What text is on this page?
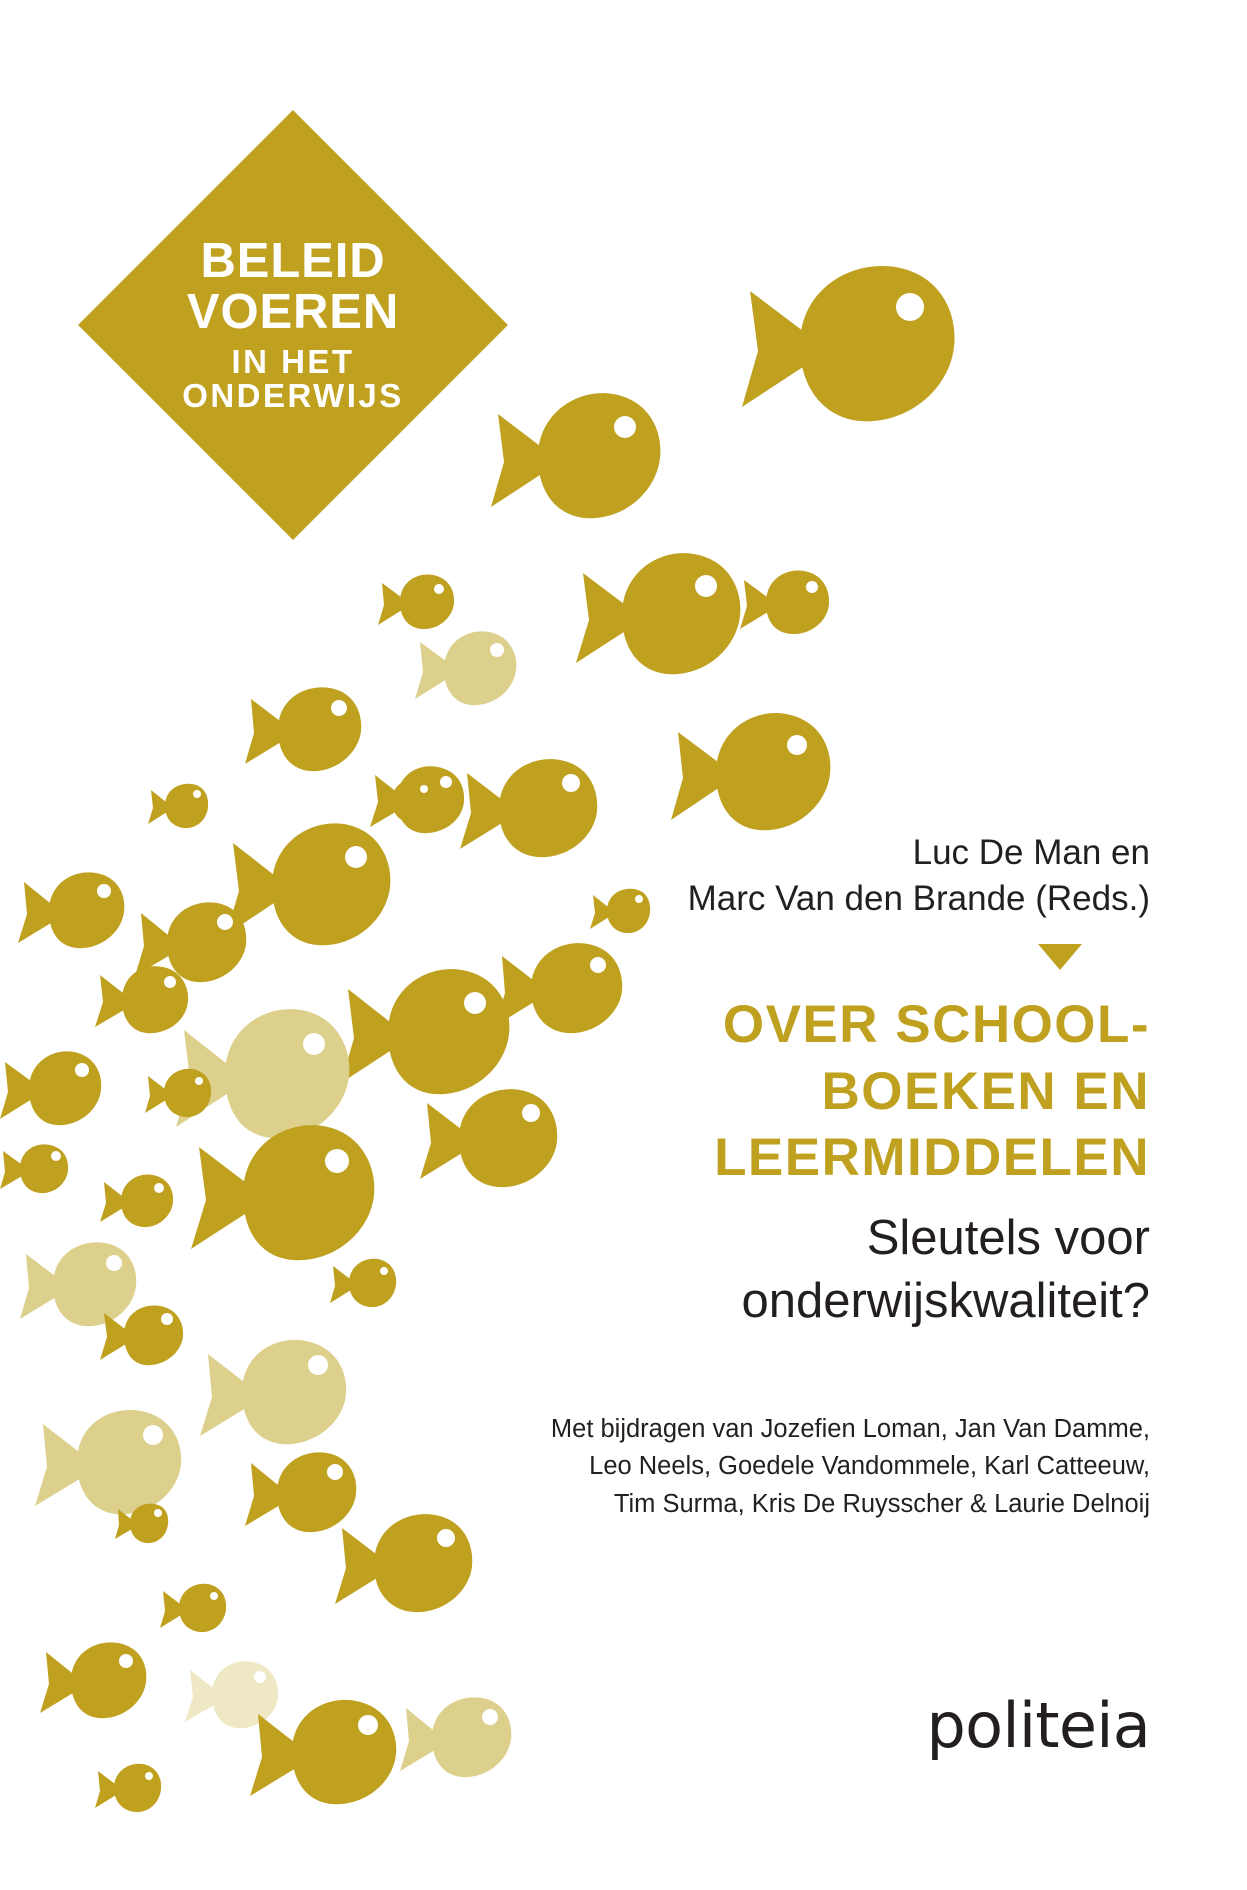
BELEID
VOEREN
IN HET
ONDERWIJS
Luc De Man en
Marc Van den Brande (Reds.)
OVER SCHOOL-
BOEKEN EN
LEERMIDDELEN
Sleutels voor
onderwijskwaliteit?
Met bijdragen van Jozefien Loman, Jan Van Damme,
Leo Neels, Goedele Vandommele, Karl Catteeuw,
Tim Surma, Kris De Ruysscher & Laurie Delnoij
politeia
